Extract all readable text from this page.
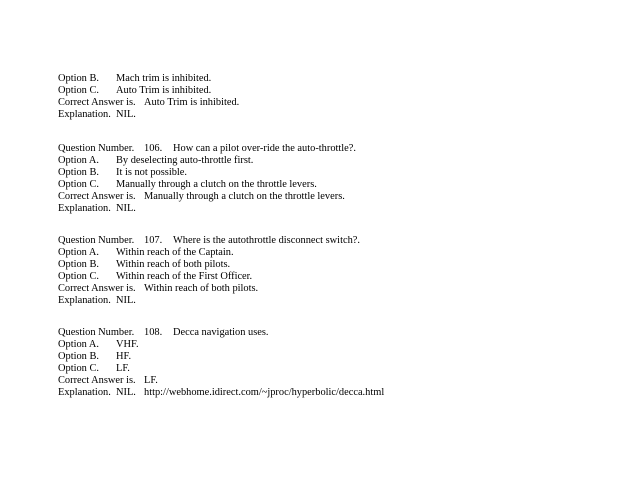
Option B. Mach trim is inhibited.
Option C. Auto Trim is inhibited.
Correct Answer is. Auto Trim is inhibited.
Explanation. NIL.
Question Number. 106. How can a pilot over-ride the auto-throttle?.
Option A. By deselecting auto-throttle first.
Option B. It is not possible.
Option C. Manually through a clutch on the throttle levers.
Correct Answer is. Manually through a clutch on the throttle levers.
Explanation. NIL.
Question Number. 107. Where is the autothrottle disconnect switch?.
Option A. Within reach of the Captain.
Option B. Within reach of both pilots.
Option C. Within reach of the First Officer.
Correct Answer is. Within reach of both pilots.
Explanation. NIL.
Question Number. 108. Decca navigation uses.
Option A. VHF.
Option B. HF.
Option C. LF.
Correct Answer is. LF.
Explanation. NIL. http://webhome.idirect.com/~jproc/hyperbolic/decca.html
